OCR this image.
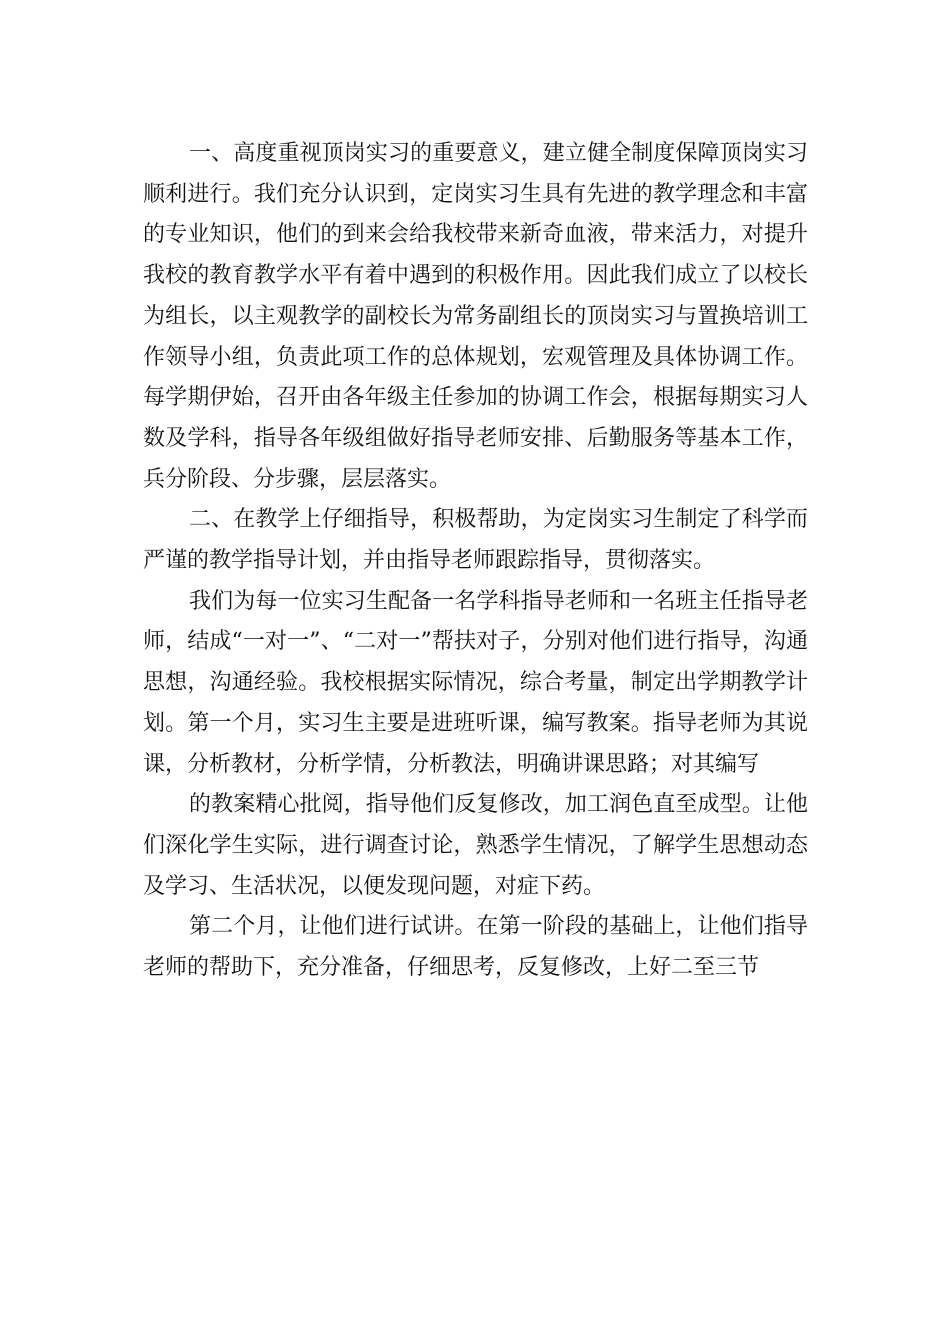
一、高度重视顶岗实习的重要意义，建立健全制度保障顶岗实习顺利进行。我们充分认识到，定岗实习生具有先进的教学理念和丰富的专业知识，他们的到来会给我校带来新奇血液，带来活力，对提升我校的教育教学水平有着中遇到的积极作用。因此我们成立了以校长为组长，以主观教学的副校长为常务副组长的顶岗实习与置换培训工作领导小组，负责此项工作的总体规划，宏观管理及具体协调工作。每学期伊始，召开由各年级主任参加的协调工作会，根据每期实习人数及学科，指导各年级组做好指导老师安排、后勤服务等基本工作，兵分阶段、分步骤，层层落实。

二、在教学上仔细指导，积极帮助，为定岗实习生制定了科学而严谨的教学指导计划，并由指导老师跟踪指导，贯彻落实。

我们为每一位实习生配备一名学科指导老师和一名班主任指导老师，结成“一对一”、“二对一”帮扶对子，分别对他们进行指导，沟通思想，沟通经验。我校根据实际情况，综合考量，制定出学期教学计划。第一个月，实习生主要是进班听课，编写教案。指导老师为其说课，分析教材，分析学情，分析教法，明确讲课思路；对其编写

的教案精心批阅，指导他们反复修改，加工润色直至成型。让他们深化学生实际，进行调查讨论，熟悉学生情况，了解学生思想动态及学习、生活状况，以便发现问题，对症下药。

第二个月，让他们进行试讲。在第一阶段的基础上，让他们指导老师的帮助下，充分准备，仔细思考，反复修改，上好二至三节
